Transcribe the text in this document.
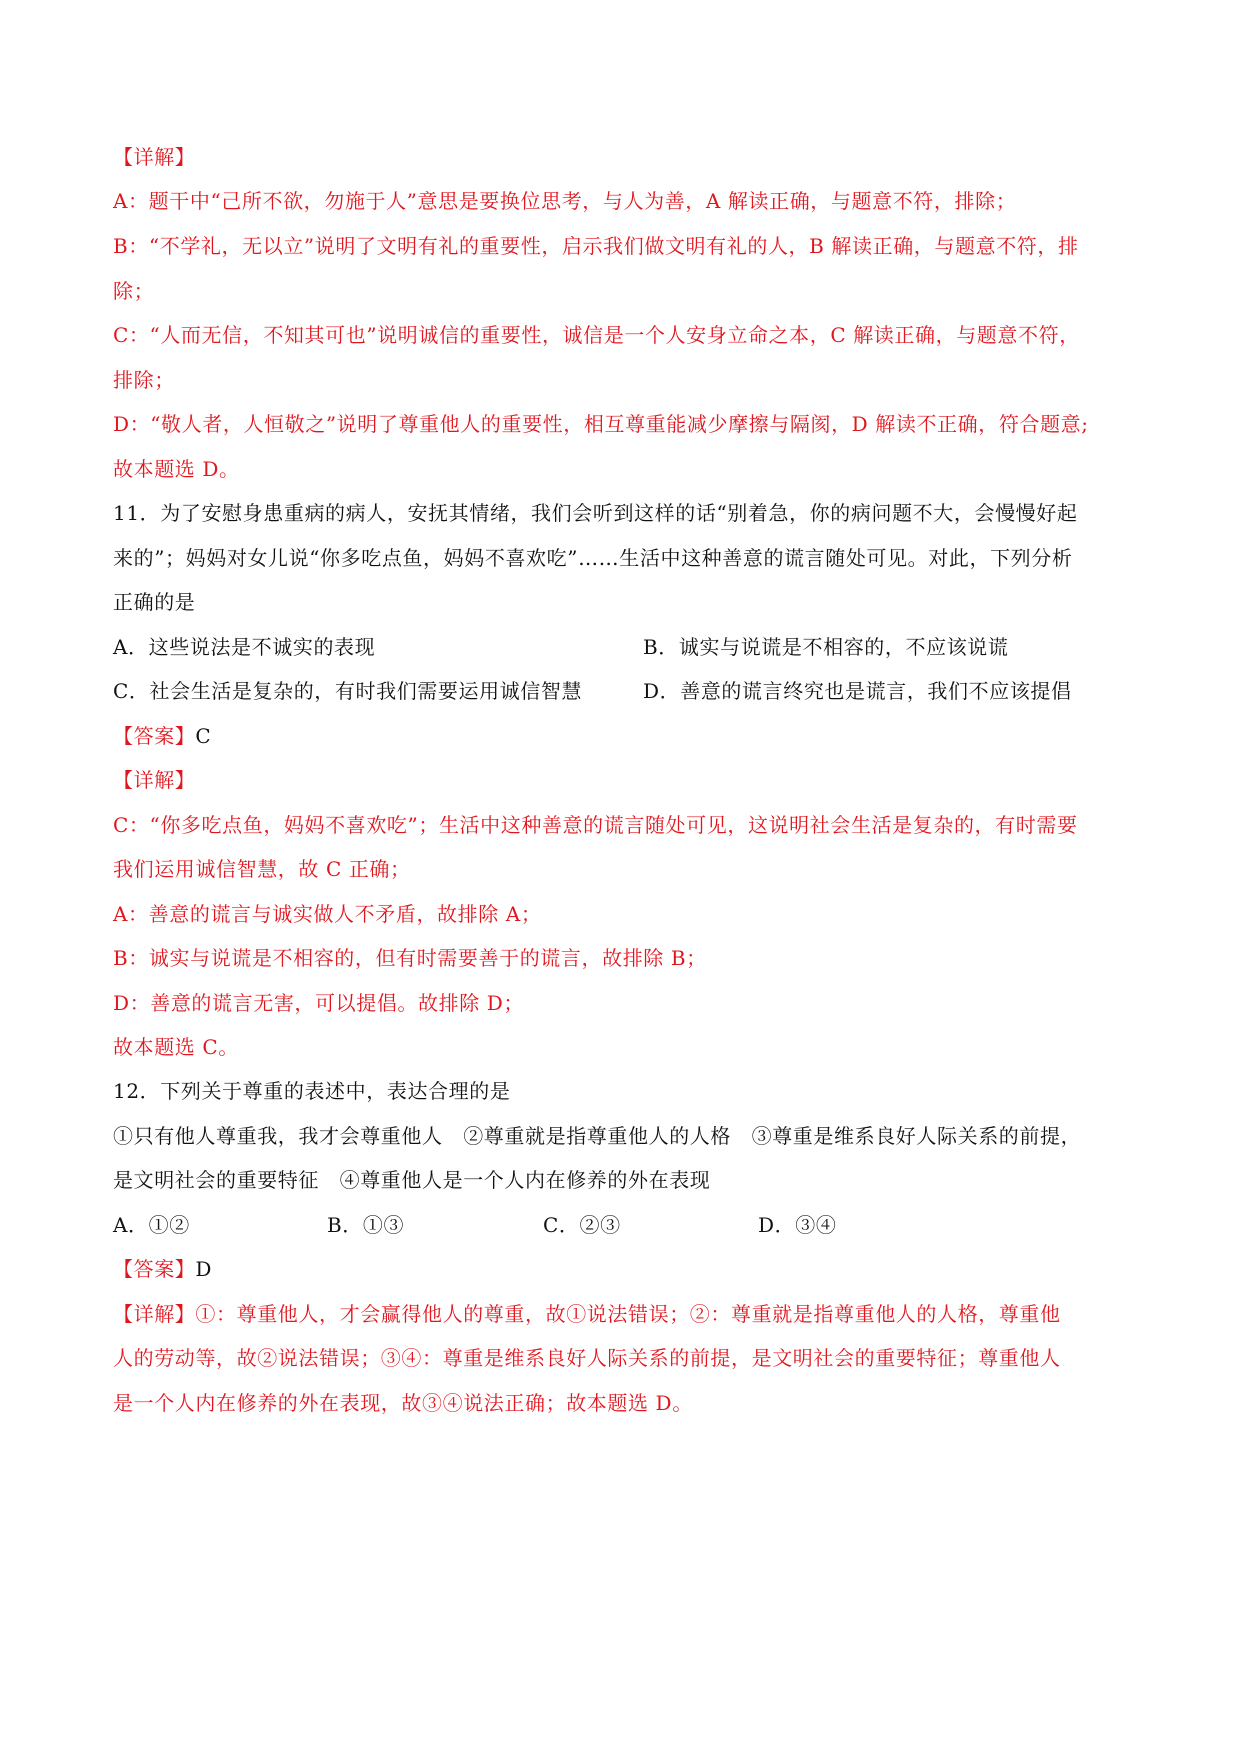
【详解】
A：题干中“己所不欲，勿施于人”意思是要换位思考，与人为善，A 解读正确，与题意不符，排除；
B：“不学礼，无以立”说明了文明有礼的重要性，启示我们做文明有礼的人，B 解读正确，与题意不符，排
除；
C：“人而无信，不知其可也”说明诚信的重要性，诚信是一个人安身立命之本，C 解读正确，与题意不符，
排除；
D：“敬人者，人恒敬之”说明了尊重他人的重要性，相互尊重能减少摩擦与隔阂，D 解读不正确，符合题意;
故本题选 D。
11．为了安慰身患重病的病人，安抚其情绪，我们会听到这样的话“别着急，你的病问题不大，会慢慢好起
来的”；妈妈对女儿说“你多吃点鱼，妈妈不喜欢吃”……生活中这种善意的谎言随处可见。对此，下列分析
正确的是
A．这些说法是不诚实的表现	B．诚实与说谎是不相容的，不应该说谎
C．社会生活是复杂的，有时我们需要运用诚信智慧	D．善意的谎言终究也是谎言，我们不应该提倡
【答案】C
【详解】
C：“你多吃点鱼，妈妈不喜欢吃”；生活中这种善意的谎言随处可见，这说明社会生活是复杂的，有时需要
我们运用诚信智慧，故 C 正确；
A：善意的谎言与诚实做人不矛盾，故排除 A；
B：诚实与说谎是不相容的，但有时需要善于的谎言，故排除 B；
D：善意的谎言无害，可以提倡。故排除 D；
故本题选 C。
12．下列关于尊重的表述中，表达合理的是
①只有他人尊重我，我才会尊重他人　②尊重就是指尊重他人的人格　③尊重是维系良好人际关系的前提，
是文明社会的重要特征　④尊重他人是一个人内在修养的外在表现
A．①②	B．①③	C．②③	D．③④
【答案】D
【详解】①：尊重他人，才会赢得他人的尊重，故①说法错误；②：尊重就是指尊重他人的人格，尊重他
人的劳动等，故②说法错误；③④：尊重是维系良好人际关系的前提，是文明社会的重要特征；尊重他人
是一个人内在修养的外在表现，故③④说法正确；故本题选 D。
